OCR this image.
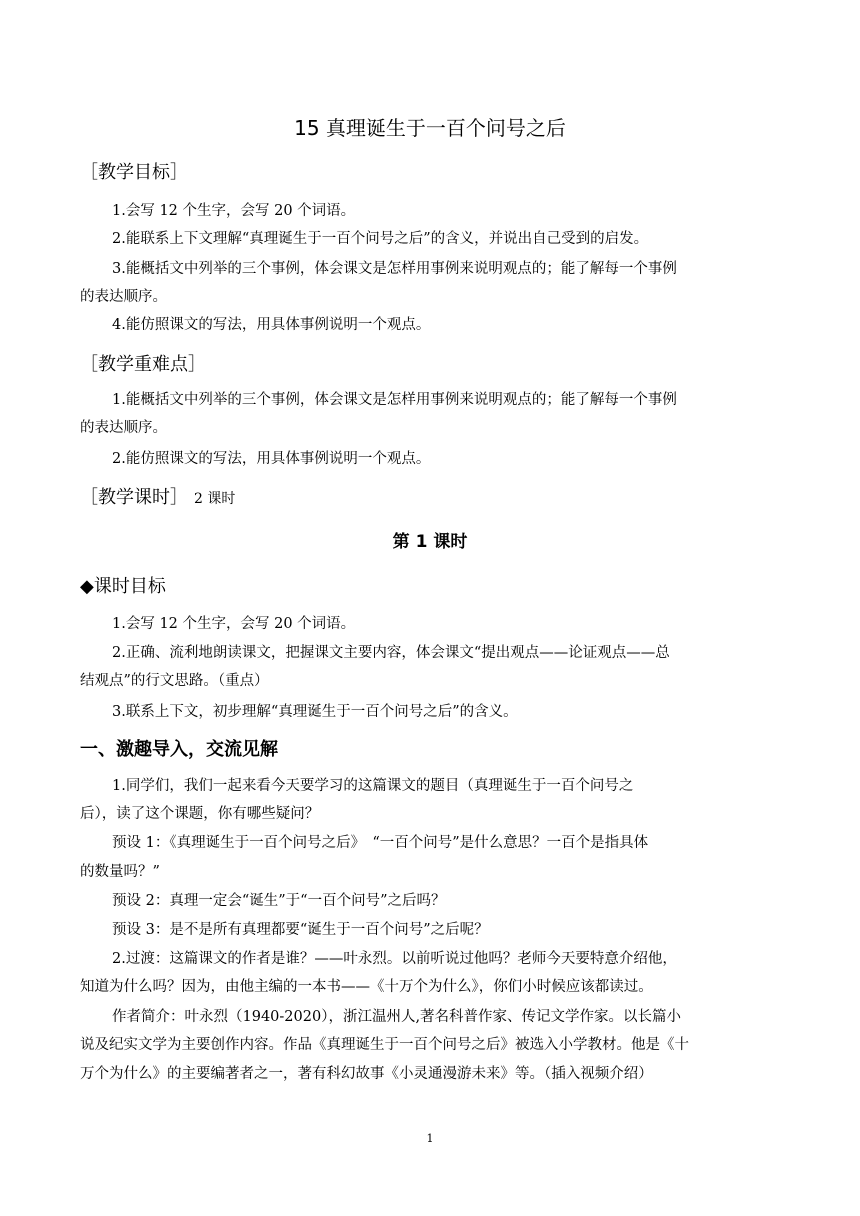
15 真理诞生于一百个问号之后
［教学目标］
1.会写 12 个生字，会写 20 个词语。
2.能联系上下文理解“真理诞生于一百个问号之后”的含义，并说出自己受到的启发。
3.能概括文中列举的三个事例，体会课文是怎样用事例来说明观点的；能了解每一个事例
的表达顺序。
4.能仿照课文的写法，用具体事例说明一个观点。
［教学重难点］
1.能概括文中列举的三个事例，体会课文是怎样用事例来说明观点的；能了解每一个事例
的表达顺序。
2.能仿照课文的写法，用具体事例说明一个观点。
［教学课时］ 2 课时
第 1 课时
◆课时目标
1.会写 12 个生字，会写 20 个词语。
2.正确、流利地朗读课文，把握课文主要内容，体会课文“提出观点——论证观点——总
结观点”的行文思路。（重点）
3.联系上下文，初步理解“真理诞生于一百个问号之后”的含义。
一、激趣导入，交流见解
1.同学们，我们一起来看今天要学习的这篇课文的题目（真理诞生于一百个问号之
后），读了这个课题，你有哪些疑问？
预设 1：《真理诞生于一百个问号之后》　“一百个问号”是什么意思？一百个是指具体
的数量吗？”
预设 2：真理一定会“诞生”于“一百个问号”之后吗？
预设 3：是不是所有真理都要“诞生于一百个问号”之后呢？
2.过渡：这篇课文的作者是谁？——叶永烈。以前听说过他吗？老师今天要特意介绍他，
知道为什么吗？因为，由他主编的一本书——《十万个为什么》，你们小时候应该都读过。
作者简介：叶永烈（1940-2020），浙江温州人,著名科普作家、传记文学作家。以长篇小
说及纪实文学为主要创作内容。作品《真理诞生于一百个问号之后》被选入小学教材。他是《十
万个为什么》的主要编著者之一，著有科幻故事《小灵通漫游未来》等。（插入视频介绍）
1
